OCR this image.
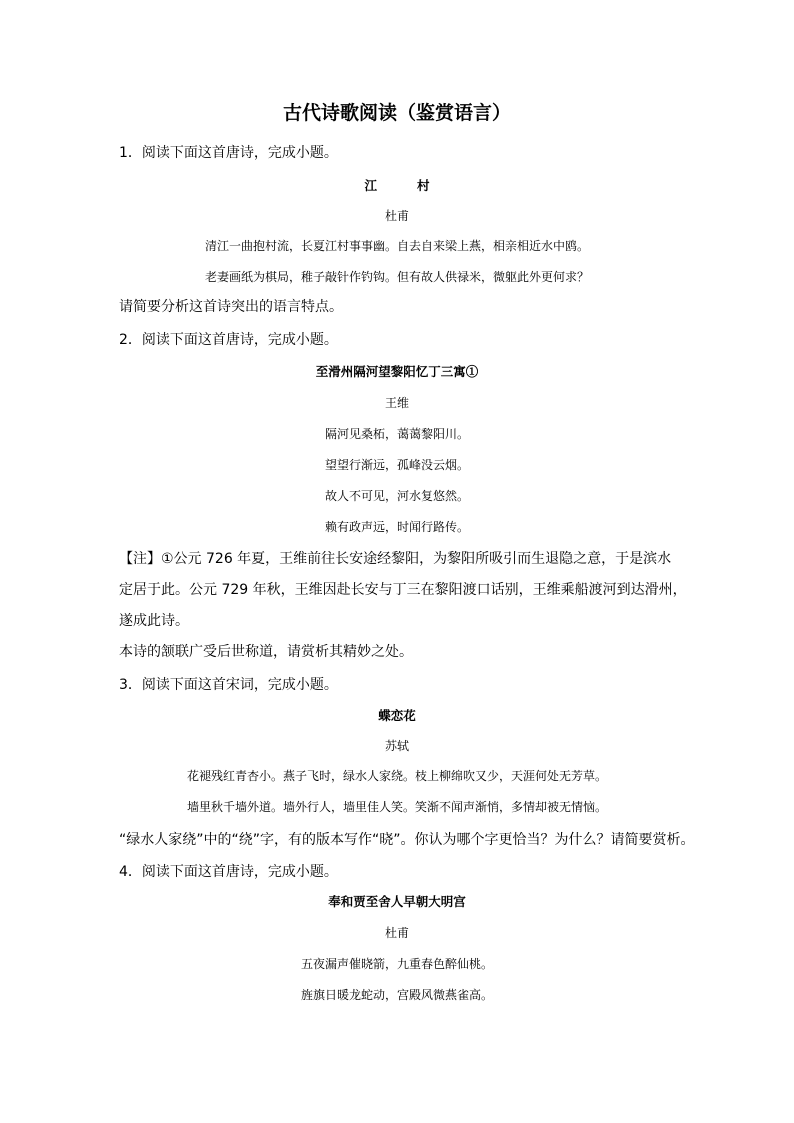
古代诗歌阅读（鉴赏语言）
1．阅读下面这首唐诗，完成小题。
江村
杜甫
清江一曲抱村流，长夏江村事事幽。自去自来梁上燕，相亲相近水中鸥。
老妻画纸为棋局，稚子敲针作钓钩。但有故人供禄米，微躯此外更何求？
请简要分析这首诗突出的语言特点。
2．阅读下面这首唐诗，完成小题。
至滑州隔河望黎阳忆丁三寓①
王维
隔河见桑柘，蔼蔼黎阳川。
望望行渐远，孤峰没云烟。
故人不可见，河水复悠然。
赖有政声远，时闻行路传。
【注】①公元 726 年夏，王维前往长安途经黎阳，为黎阳所吸引而生退隐之意，于是滨水
定居于此。公元 729 年秋，王维因赴长安与丁三在黎阳渡口话别，王维乘船渡河到达滑州，
遂成此诗。
本诗的颔联广受后世称道，请赏析其精妙之处。
3．阅读下面这首宋词，完成小题。
蝶恋花
苏轼
花褪残红青杏小。燕子飞时，绿水人家绕。枝上柳绵吹又少，天涯何处无芳草。
墙里秋千墙外道。墙外行人，墙里佳人笑。笑渐不闻声渐悄，多情却被无情恼。
“绿水人家绕”中的“绕”字，有的版本写作“晓”。你认为哪个字更恰当？为什么？请简要赏析。
4．阅读下面这首唐诗，完成小题。
奉和贾至舍人早朝大明宫
杜甫
五夜漏声催晓箭，九重春色醉仙桃。
旌旗日暖龙蛇动，宫殿风微燕雀高。
